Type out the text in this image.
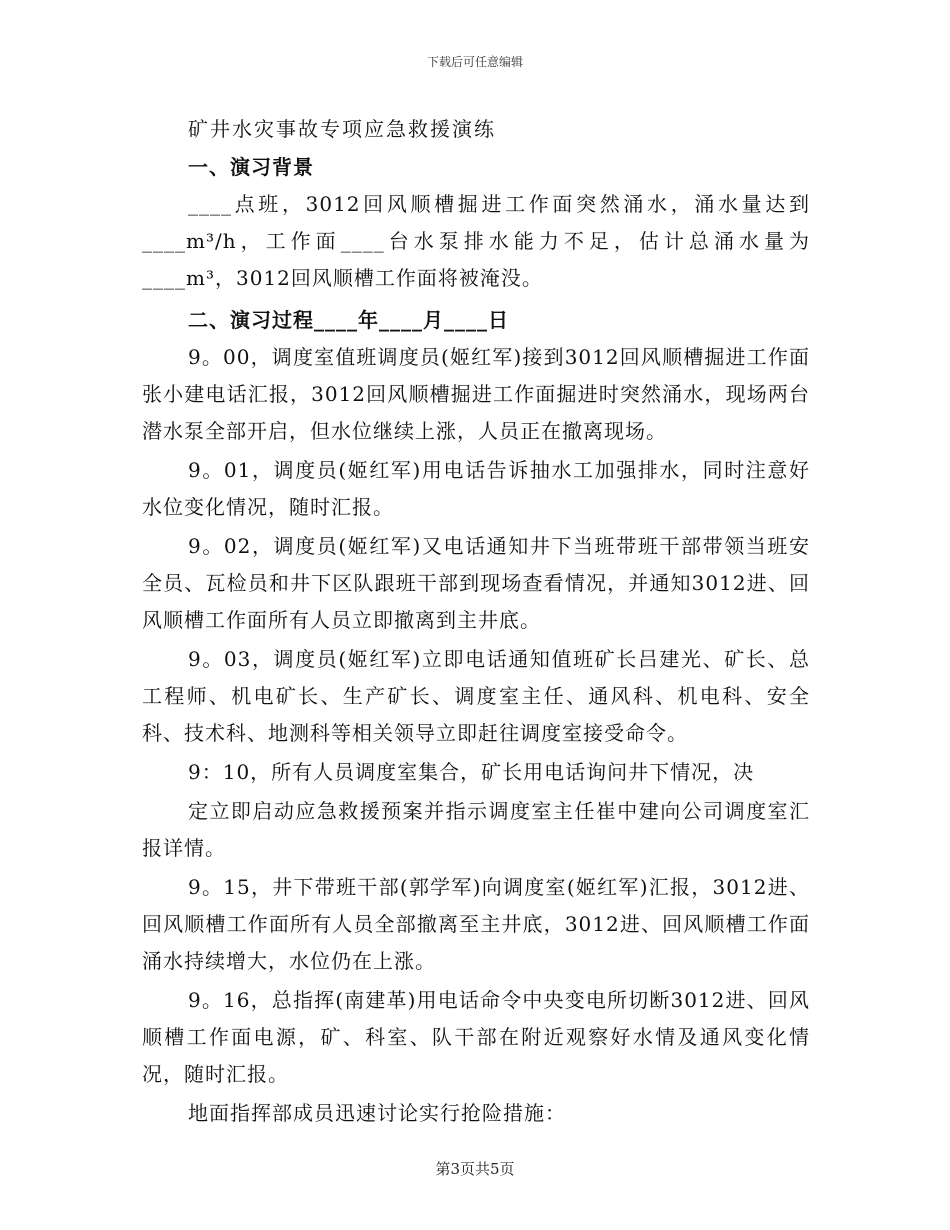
下载后可任意编辑
矿井水灾事故专项应急救援演练
一、演习背景

____点班，3012回风顺槽掘进工作面突然涌水，涌水量达到____m³/h，工作面____台水泵排水能力不足，估计总涌水量为____m³，3012回风顺槽工作面将被淹没。

二、演习过程____年____月____日

9。00，调度室值班调度员(姬红军)接到3012回风顺槽掘进工作面张小建电话汇报，3012回风顺槽掘进工作面掘进时突然涌水，现场两台潜水泵全部开启，但水位继续上涨，人员正在撤离现场。

9。01，调度员(姬红军)用电话告诉抽水工加强排水，同时注意好水位变化情况，随时汇报。

9。02，调度员(姬红军)又电话通知井下当班带班干部带领当班安全员、瓦检员和井下区队跟班干部到现场查看情况，并通知3012进、回风顺槽工作面所有人员立即撤离到主井底。

9。03，调度员(姬红军)立即电话通知值班矿长吕建光、矿长、总工程师、机电矿长、生产矿长、调度室主任、通风科、机电科、安全科、技术科、地测科等相关领导立即赶往调度室接受命令。

9：10，所有人员调度室集合，矿长用电话询问井下情况，决

定立即启动应急救援预案并指示调度室主任崔中建向公司调度室汇报详情。

9。15，井下带班干部(郭学军)向调度室(姬红军)汇报，3012进、回风顺槽工作面所有人员全部撤离至主井底，3012进、回风顺槽工作面涌水持续增大，水位仍在上涨。

9。16，总指挥(南建革)用电话命令中央变电所切断3012进、回风顺槽工作面电源，矿、科室、队干部在附近观察好水情及通风变化情况，随时汇报。

地面指挥部成员迅速讨论实行抢险措施：

第3页共5页
